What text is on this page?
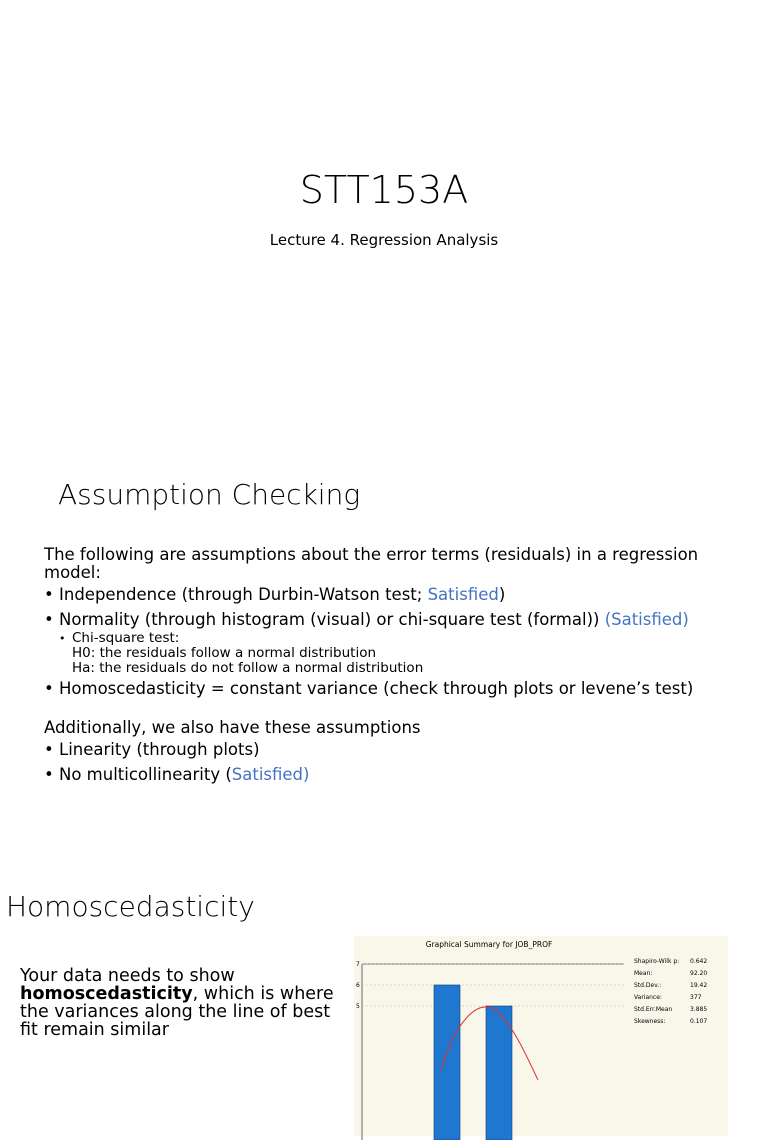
STT153A
Lecture 4. Regression Analysis
Assumption Checking

The following are assumptions about the error terms (residuals) in a regression model:

• Independence (through Durbin-Watson test; Satisfied)
• Normality (through histogram (visual) or chi-square test (formal)) (Satisfied)
• Chi-square test:
H0: the residuals follow a normal distribution
Ha: the residuals do not follow a normal distribution
• Homoscedasticity = constant variance (check through plots or levene’s test)

Additionally, we also have these assumptions

• Linearity (through plots)
• No multicollinearity (Satisfied)
Homoscedasticity
Your data needs to show homoscedasticity, which is where the variances along the line of best fit remain similar
Graphical Summary for JOB_PROF
5
6
7	Shapiro-Wilk p:	0.642
Mean:	92.20
Std.Dev.:	19.42
Variance:	377
Std.Err.Mean	3.885
Skewness:	0.107
